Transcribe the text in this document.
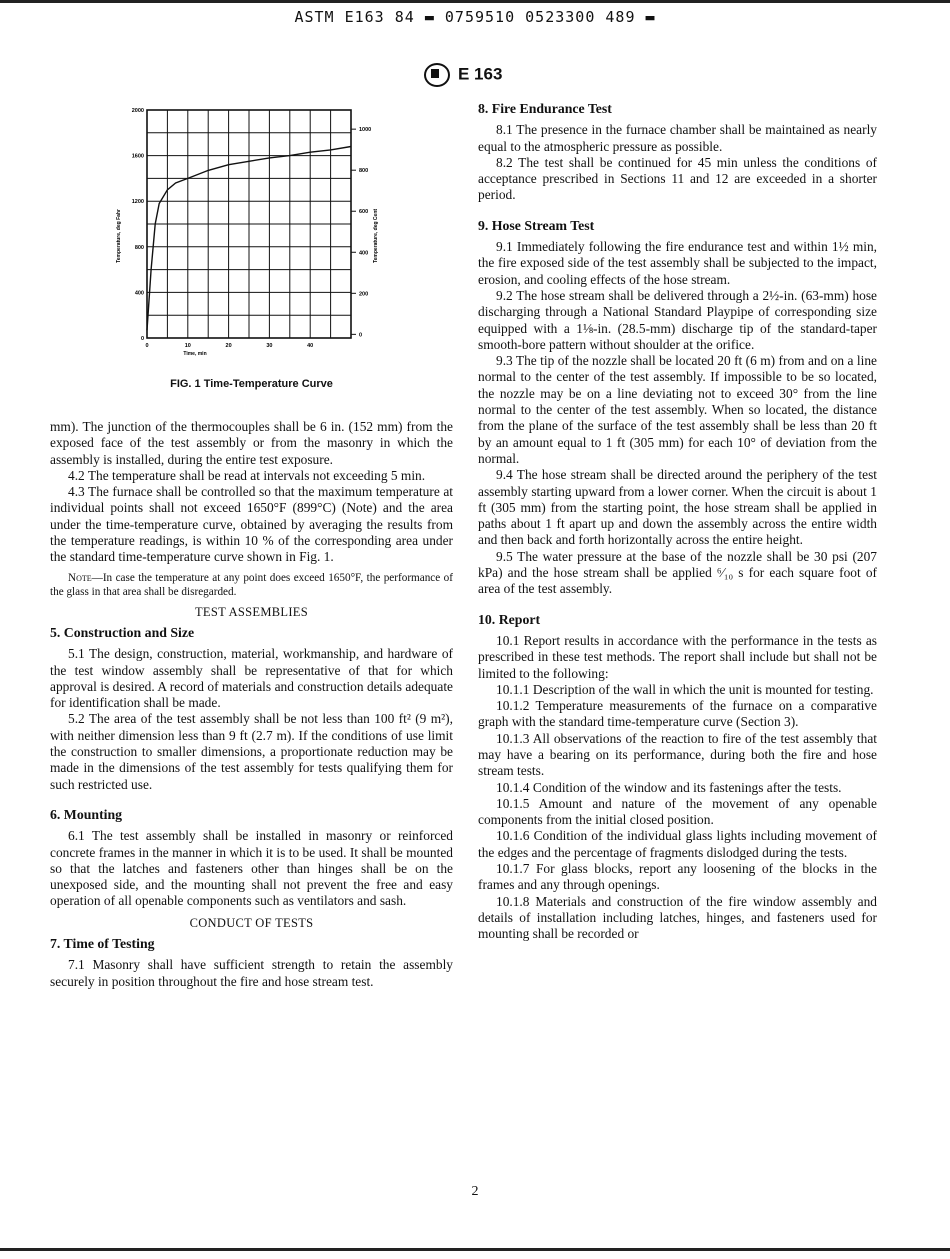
ASTM E163 84 ▬ 0759510 0523300 489 ▬
E 163
0	10	20	30	40
2000
1600
1200
800
400
0
1000
800
600
400
200
0
Time, min
Temperature, deg Fahr	Temperature, deg Cent
FIG. 1 Time-Temperature Curve

mm). The junction of the thermocouples shall be 6 in. (152 mm) from the exposed face of the test assembly or from the masonry in which the assembly is installed, during the entire test exposure.

4.2 The temperature shall be read at intervals not exceeding 5 min.

4.3 The furnace shall be controlled so that the maximum temperature at individual points shall not exceed 1650°F (899°C) (Note) and the area under the time-temperature curve, obtained by averaging the results from the temperature readings, is within 10 % of the corresponding area under the standard time-temperature curve shown in Fig. 1.

Note—In case the temperature at any point does exceed 1650°F, the performance of the glass in that area shall be disregarded.

TEST ASSEMBLIES

5. Construction and Size

5.1 The design, construction, material, workmanship, and hardware of the test window assembly shall be representative of that for which approval is desired. A record of materials and construction details adequate for identification shall be made.

5.2 The area of the test assembly shall be not less than 100 ft² (9 m²), with neither dimension less than 9 ft (2.7 m). If the conditions of use limit the construction to smaller dimensions, a proportionate reduction may be made in the dimensions of the test assembly for tests qualifying them for such restricted use.

6. Mounting

6.1 The test assembly shall be installed in masonry or reinforced concrete frames in the manner in which it is to be used. It shall be mounted so that the latches and fasteners other than hinges shall be on the unexposed side, and the mounting shall not prevent the free and easy operation of all openable components such as ventilators and sash.

CONDUCT OF TESTS

7. Time of Testing

7.1 Masonry shall have sufficient strength to retain the assembly securely in position throughout the fire and hose stream test.

8. Fire Endurance Test

8.1 The presence in the furnace chamber shall be maintained as nearly equal to the atmospheric pressure as possible.

8.2 The test shall be continued for 45 min unless the conditions of acceptance prescribed in Sections 11 and 12 are exceeded in a shorter period.

9. Hose Stream Test

9.1 Immediately following the fire endurance test and within 1½ min, the fire exposed side of the test assembly shall be subjected to the impact, erosion, and cooling effects of the hose stream.

9.2 The hose stream shall be delivered through a 2½-in. (63-mm) hose discharging through a National Standard Playpipe of corresponding size equipped with a 1⅛-in. (28.5-mm) discharge tip of the standard-taper smooth-bore pattern without shoulder at the orifice.

9.3 The tip of the nozzle shall be located 20 ft (6 m) from and on a line normal to the center of the test assembly. If impossible to be so located, the nozzle may be on a line deviating not to exceed 30° from the line normal to the center of the test assembly. When so located, the distance from the plane of the surface of the test assembly shall be less than 20 ft by an amount equal to 1 ft (305 mm) for each 10° of deviation from the normal.

9.4 The hose stream shall be directed around the periphery of the test assembly starting upward from a lower corner. When the circuit is about 1 ft (305 mm) from the starting point, the hose stream shall be applied in paths about 1 ft apart up and down the assembly across the entire width and then back and forth horizontally across the entire height.

9.5 The water pressure at the base of the nozzle shall be 30 psi (207 kPa) and the hose stream shall be applied ⁶⁄₁₀ s for each square foot of area of the test assembly.

10. Report

10.1 Report results in accordance with the performance in the tests as prescribed in these test methods. The report shall include but shall not be limited to the following:

10.1.1 Description of the wall in which the unit is mounted for testing.

10.1.2 Temperature measurements of the furnace on a comparative graph with the standard time-temperature curve (Section 3).

10.1.3 All observations of the reaction to fire of the test assembly that may have a bearing on its performance, during both the fire and hose stream tests.

10.1.4 Condition of the window and its fastenings after the tests.

10.1.5 Amount and nature of the movement of any openable components from the initial closed position.

10.1.6 Condition of the individual glass lights including movement of the edges and the percentage of fragments dislodged during the tests.

10.1.7 For glass blocks, report any loosening of the blocks in the frames and any through openings.

10.1.8 Materials and construction of the fire window assembly and details of installation including latches, hinges, and fasteners used for mounting shall be recorded or

2
